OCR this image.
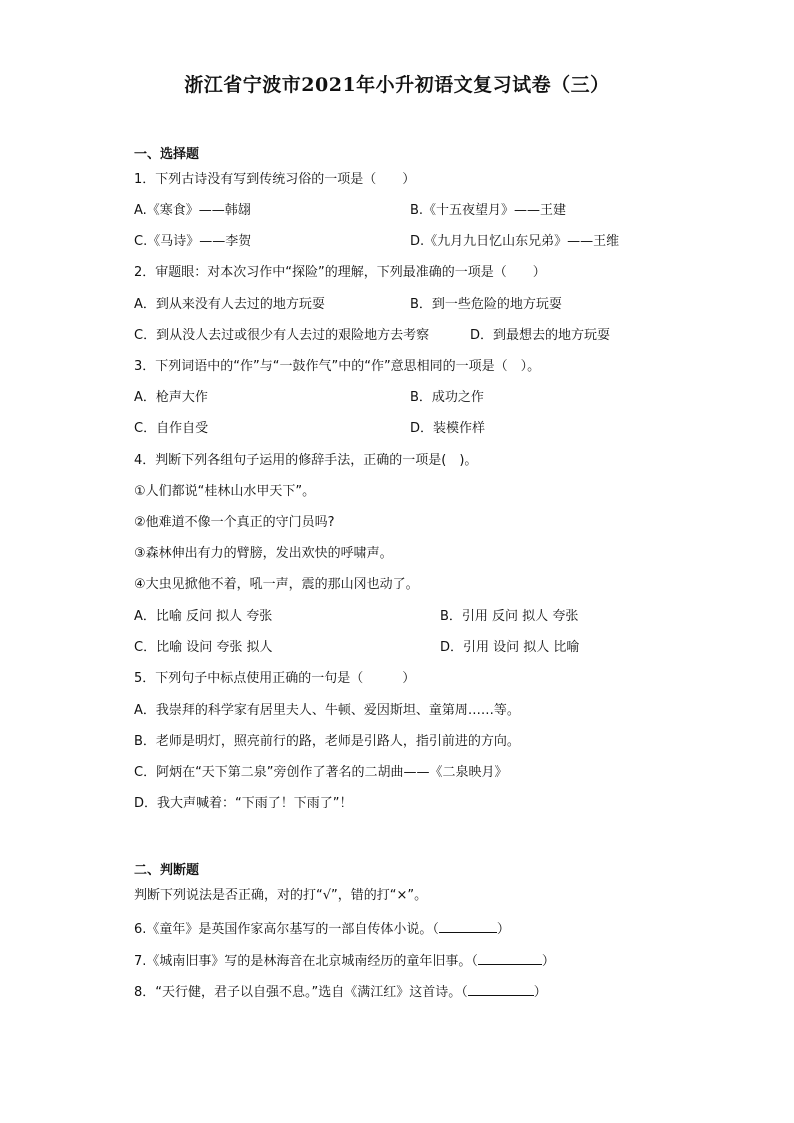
浙江省宁波市2021年小升初语文复习试卷（三）
一、选择题
1．下列古诗没有写到传统习俗的一项是（　　）
A.《寒食》——韩翃	B.《十五夜望月》——王建
C.《马诗》——李贺	D.《九月九日忆山东兄弟》——王维
2．审题眼：对本次习作中“探险”的理解，下列最准确的一项是（　　）
A．到从来没有人去过的地方玩耍	B．到一些危险的地方玩耍
C．到从没人去过或很少有人去过的艰险地方去考察	D．到最想去的地方玩耍
3．下列词语中的“作”与“一鼓作气”中的“作”意思相同的一项是（　）。
A．枪声大作	B．成功之作
C．自作自受	D．装模作样
4．判断下列各组句子运用的修辞手法，正确的一项是(　)。
①人们都说“桂林山水甲天下”。
②他难道不像一个真正的守门员吗?
③森林伸出有力的臂膀，发出欢快的呼啸声。
④大虫见掀他不着，吼一声，震的那山冈也动了。
A．比喻 反问 拟人 夸张	B．引用 反问 拟人 夸张
C．比喻 设问 夸张 拟人	D．引用 设问 拟人 比喻
5．下列句子中标点使用正确的一句是（　　　）
A．我崇拜的科学家有居里夫人、牛顿、爱因斯坦、童第周……等。
B．老师是明灯，照亮前行的路，老师是引路人，指引前进的方向。
C．阿炳在“天下第二泉”旁创作了著名的二胡曲——《二泉映月》
D．我大声喊着：“下雨了！下雨了”！
二、判断题
判断下列说法是否正确，对的打“√”，错的打“×”。
6.《童年》是英国作家高尔基写的一部自传体小说。（	）
7.《城南旧事》写的是林海音在北京城南经历的童年旧事。（	）
8．“天行健，君子以自强不息。”选自《满江红》这首诗。（	）
